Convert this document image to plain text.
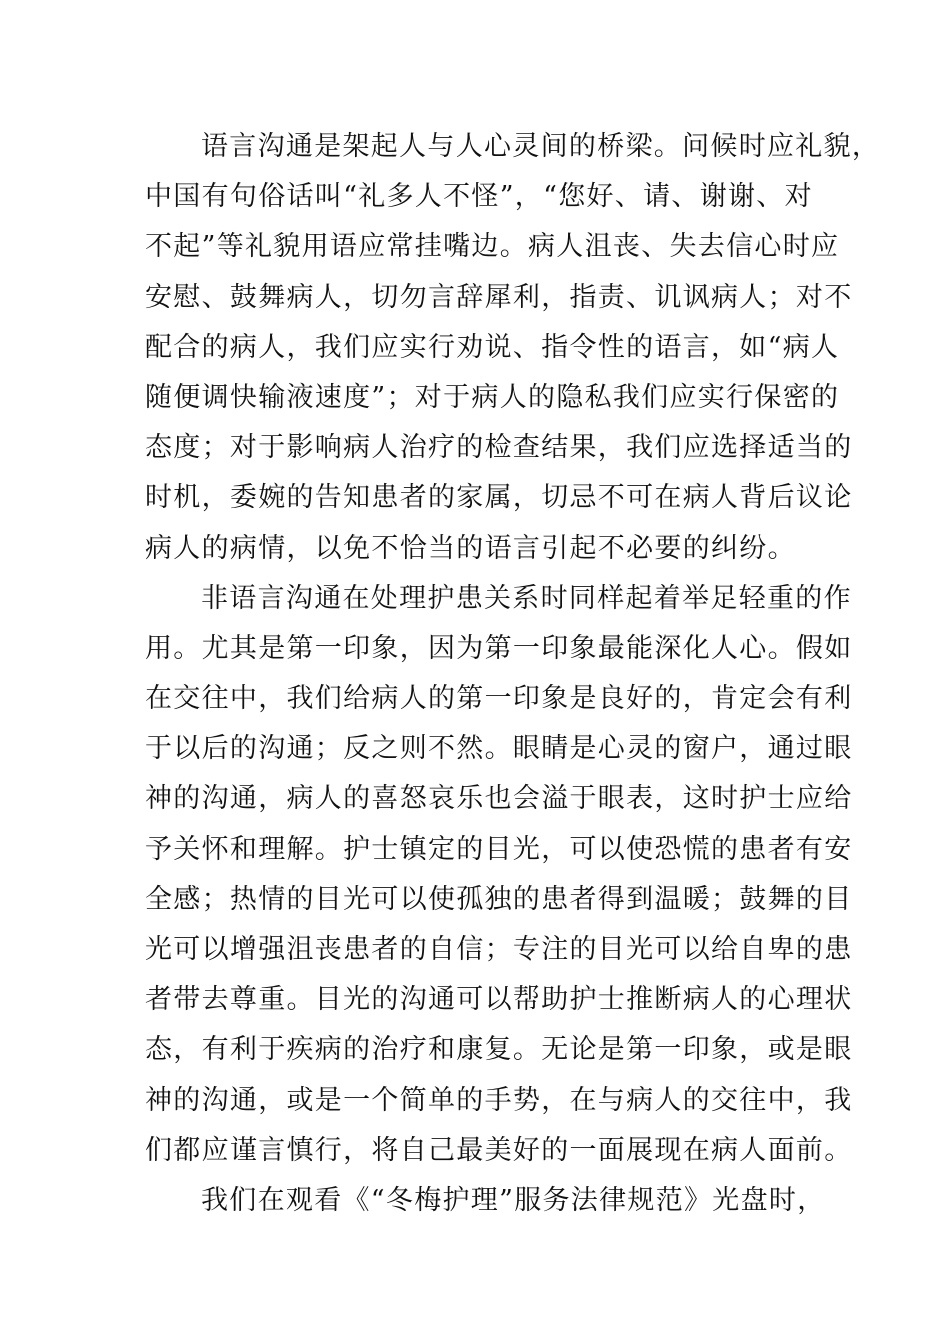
语言沟通是架起人与人心灵间的桥梁。问候时应礼貌，
中国有句俗话叫“礼多人不怪”，“您好、请、谢谢、对
不起”等礼貌用语应常挂嘴边。病人沮丧、失去信心时应
安慰、鼓舞病人，切勿言辞犀利，指责、讥讽病人；对不
配合的病人，我们应实行劝说、指令性的语言，如“病人
随便调快输液速度”；对于病人的隐私我们应实行保密的
态度；对于影响病人治疗的检查结果，我们应选择适当的
时机，委婉的告知患者的家属，切忌不可在病人背后议论
病人的病情，以免不恰当的语言引起不必要的纠纷。
非语言沟通在处理护患关系时同样起着举足轻重的作
用。尤其是第一印象，因为第一印象最能深化人心。假如
在交往中，我们给病人的第一印象是良好的，肯定会有利
于以后的沟通；反之则不然。眼睛是心灵的窗户，通过眼
神的沟通，病人的喜怒哀乐也会溢于眼表，这时护士应给
予关怀和理解。护士镇定的目光，可以使恐慌的患者有安
全感；热情的目光可以使孤独的患者得到温暖；鼓舞的目
光可以增强沮丧患者的自信；专注的目光可以给自卑的患
者带去尊重。目光的沟通可以帮助护士推断病人的心理状
态，有利于疾病的治疗和康复。无论是第一印象，或是眼
神的沟通，或是一个简单的手势，在与病人的交往中，我
们都应谨言慎行，将自己最美好的一面展现在病人面前。
我们在观看《“冬梅护理”服务法律规范》光盘时，
